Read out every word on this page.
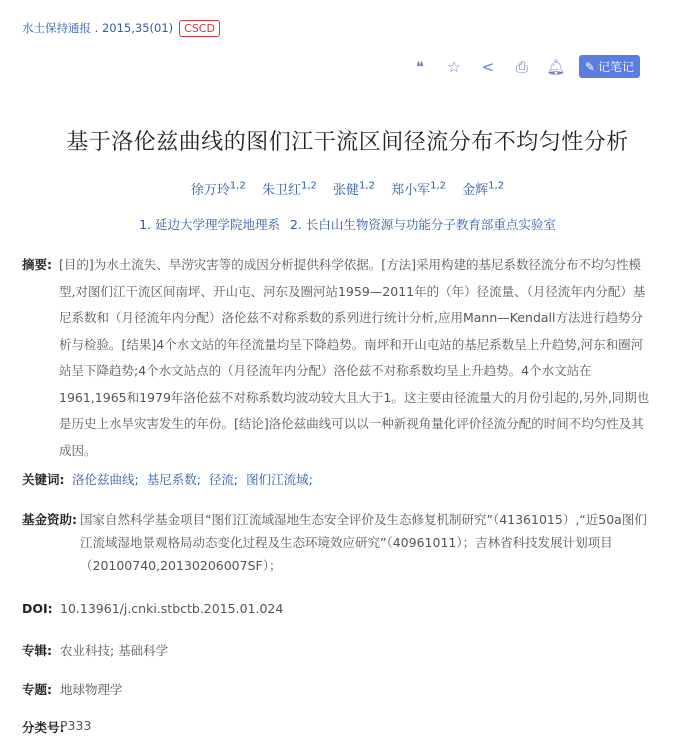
水土保持通报 . 2015,35(01) CSCD
❝	☆	<	⎙	🔔︎ ✎ 记笔记
基于洛伦兹曲线的图们江干流区间径流分布不均匀性分析
徐万玲$^{1,2}$ 朱卫红$^{1,2}$ 张健$^{1,2}$ 郑小军$^{1,2}$ 金辉$^{1,2}$
1. 延边大学理学院地理系 2. 长白山生物资源与功能分子教育部重点实验室
摘要: [目的]为水土流失、旱涝灾害等的成因分析提供科学依据。[方法]采用构建的基尼系数径流分布不均匀性模型,对图们江干流区间南坪、开山屯、河东及圈河站1959—2011年的（年）径流量、（月径流年内分配）基尼系数和（月径流年内分配）洛伦兹不对称系数的系列进行统计分析,应用Mann—Kendall方法进行趋势分析与检验。[结果]4个水文站的年径流量均呈下降趋势。南坪和开山屯站的基尼系数呈上升趋势,河东和圈河站呈下降趋势;4个水文站点的（月径流年内分配）洛伦兹不对称系数均呈上升趋势。4个水文站在1961,1965和1979年洛伦兹不对称系数均波动较大且大于1。这主要由径流量大的月份引起的,另外,同期也是历史上水旱灾害发生的年份。[结论]洛伦兹曲线可以以一种新视角量化评价径流分配的时间不均匀性及其成因。
关键词: 洛伦兹曲线; 基尼系数; 径流; 图们江流域;
基金资助: 国家自然科学基金项目“图们江流域湿地生态安全评价及生态修复机制研究”（41361015）,“近50a图们江流域湿地景观格局动态变化过程及生态环境效应研究”（40961011）；吉林省科技发展计划项目（20100740,20130206007SF）；
DOI: 10.13961/j.cnki.stbctb.2015.01.024
专辑: 农业科技; 基础科学
专题: 地球物理学
分类号:
P333
